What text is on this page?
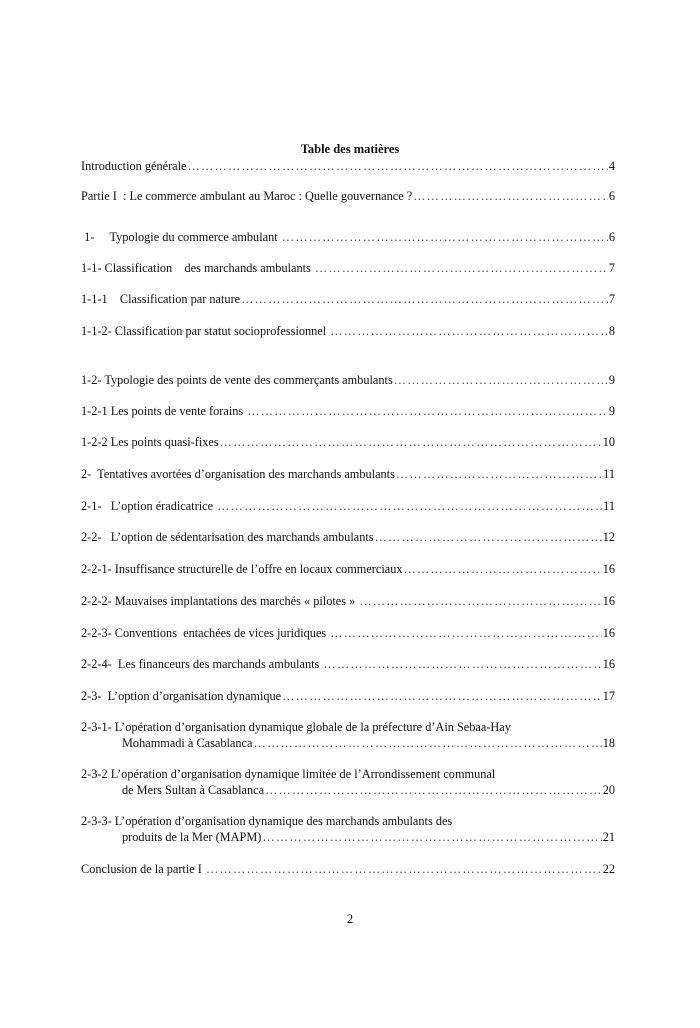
Table des matières
Introduction générale ……………………………………………………………………………………………………………………………………………………	4
Partie I  : Le commerce ambulant au Maroc : Quelle gouvernance ? ……………………………………………………………………………………………………………………………………………………	6
1-     Typologie du commerce ambulant ……………………………………………………………………………………………………………………………………………………	6
1-1- Classification    des marchands ambulants ……………………………………………………………………………………………………………………………………………………	7
1-1-1    Classification par nature ……………………………………………………………………………………………………………………………………………………	7
1-1-2- Classification par statut socioprofessionnel ……………………………………………………………………………………………………………………………………………………	8
1-2- Typologie des points de vente des commerçants ambulants ……………………………………………………………………………………………………………………………………………………	9
1-2-1 Les points de vente forains ……………………………………………………………………………………………………………………………………………………	9
1-2-2 Les points quasi-fixes ……………………………………………………………………………………………………………………………………………………	10
2-  Tentatives avortées d’organisation des marchands ambulants ……………………………………………………………………………………………………………………………………………………	11
2-1-   L’option éradicatrice ……………………………………………………………………………………………………………………………………………………	11
2-2-   L’option de sédentarisation des marchands ambulants ……………………………………………………………………………………………………………………………………………………	12
2-2-1- Insuffisance structurelle de l’offre en locaux commerciaux ……………………………………………………………………………………………………………………………………………………	16
2-2-2- Mauvaises implantations des marchés « pilotes » ……………………………………………………………………………………………………………………………………………………	16
2-2-3- Conventions  entachées de vices juridiques ……………………………………………………………………………………………………………………………………………………	16
2-2-4-  Les financeurs des marchands ambulants ……………………………………………………………………………………………………………………………………………………	16
2-3-  L’option d’organisation dynamique ……………………………………………………………………………………………………………………………………………………	17
2-3-1- L’opération d’organisation dynamique globale de la préfecture d’Ain Sebaa-Hay
Mohammadi à Casablanca ……………………………………………………………………………………………………………………………………………………	18
2-3-2 L’opération d’organisation dynamique limitée de l’Arrondissement communal
de Mers Sultan à Casablanca ……………………………………………………………………………………………………………………………………………………	20
2-3-3- L’opération d’organisation dynamique des marchands ambulants des
produits de la Mer (MAPM) ……………………………………………………………………………………………………………………………………………………	21
Conclusion de la partie I ……………………………………………………………………………………………………………………………………………………	22
2
